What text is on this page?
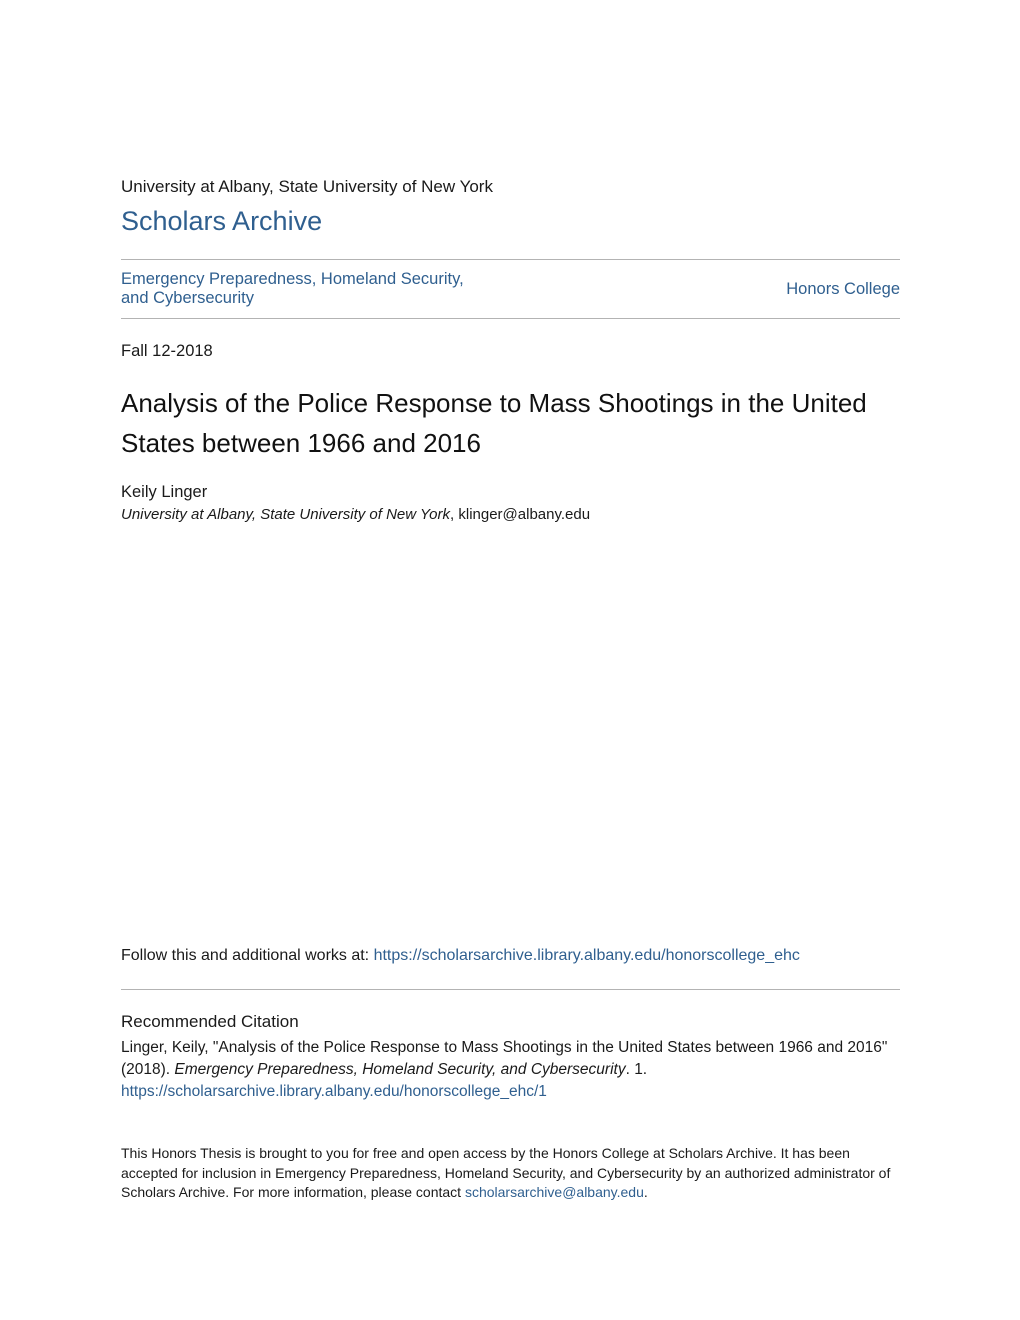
University at Albany, State University of New York
Scholars Archive
Emergency Preparedness, Homeland Security,
and Cybersecurity	Honors College
Fall 12-2018
Analysis of the Police Response to Mass Shootings in the United States between 1966 and 2016
Keily Linger
University at Albany, State University of New York, klinger@albany.edu
Follow this and additional works at: https://scholarsarchive.library.albany.edu/honorscollege_ehc
Recommended Citation
Linger, Keily, "Analysis of the Police Response to Mass Shootings in the United States between 1966 and 2016" (2018). Emergency Preparedness, Homeland Security, and Cybersecurity. 1.
https://scholarsarchive.library.albany.edu/honorscollege_ehc/1
This Honors Thesis is brought to you for free and open access by the Honors College at Scholars Archive. It has been accepted for inclusion in Emergency Preparedness, Homeland Security, and Cybersecurity by an authorized administrator of Scholars Archive. For more information, please contact scholarsarchive@albany.edu.
